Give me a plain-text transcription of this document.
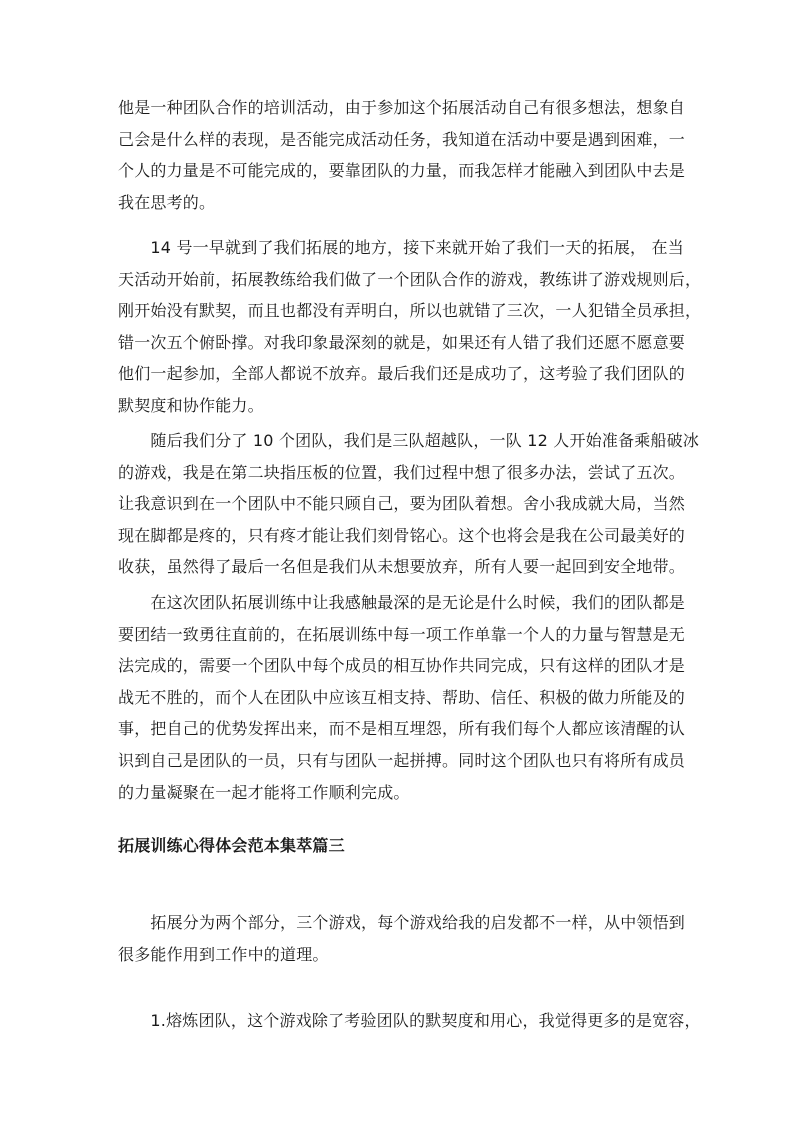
他是一种团队合作的培训活动，由于参加这个拓展活动自己有很多想法，想象自
己会是什么样的表现，是否能完成活动任务，我知道在活动中要是遇到困难，一
个人的力量是不可能完成的，要靠团队的力量，而我怎样才能融入到团队中去是
我在思考的。

　　14 号一早就到了我们拓展的地方，接下来就开始了我们一天的拓展， 在当
天活动开始前，拓展教练给我们做了一个团队合作的游戏，教练讲了游戏规则后，
刚开始没有默契，而且也都没有弄明白，所以也就错了三次，一人犯错全员承担，
错一次五个俯卧撑。对我印象最深刻的就是，如果还有人错了我们还愿不愿意要
他们一起参加，全部人都说不放弃。最后我们还是成功了，这考验了我们团队的
默契度和协作能力。

　　随后我们分了 10 个团队，我们是三队超越队，一队 12 人开始准备乘船破冰
的游戏，我是在第二块指压板的位置，我们过程中想了很多办法，尝试了五次。
让我意识到在一个团队中不能只顾自己，要为团队着想。舍小我成就大局，当然
现在脚都是疼的，只有疼才能让我们刻骨铭心。这个也将会是我在公司最美好的
收获，虽然得了最后一名但是我们从未想要放弃，所有人要一起回到安全地带。

　　在这次团队拓展训练中让我感触最深的是无论是什么时候，我们的团队都是
要团结一致勇往直前的，在拓展训练中每一项工作单靠一个人的力量与智慧是无
法完成的，需要一个团队中每个成员的相互协作共同完成，只有这样的团队才是
战无不胜的，而个人在团队中应该互相支持、帮助、信任、积极的做力所能及的
事，把自己的优势发挥出来，而不是相互埋怨，所有我们每个人都应该清醒的认
识到自己是团队的一员，只有与团队一起拼搏。同时这个团队也只有将所有成员
的力量凝聚在一起才能将工作顺利完成。

拓展训练心得体会范本集萃篇三

　　拓展分为两个部分，三个游戏，每个游戏给我的启发都不一样，从中领悟到
很多能作用到工作中的道理。

　　1.熔炼团队，这个游戏除了考验团队的默契度和用心，我觉得更多的是宽容，
